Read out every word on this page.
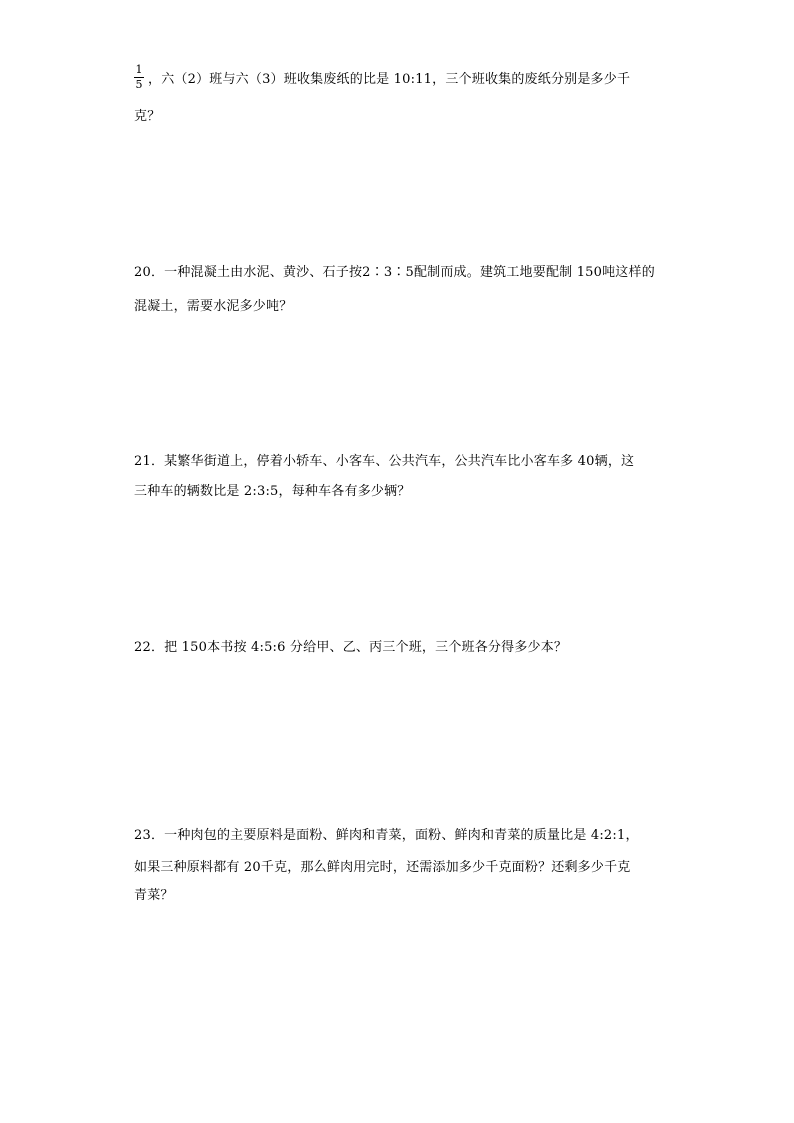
$\frac{1}{5}$ ，六（2）班与六（3）班收集废纸的比是 10:11，三个班收集的废纸分别是多少千
克？
20．一种混凝土由水泥、黄沙、石子按2∶3∶5配制而成。建筑工地要配制 150吨这样的
混凝土，需要水泥多少吨？
21．某繁华街道上，停着小轿车、小客车、公共汽车，公共汽车比小客车多 40辆，这
三种车的辆数比是 2:3:5，每种车各有多少辆？
22．把 150本书按 4:5:6 分给甲、乙、丙三个班，三个班各分得多少本？
23．一种肉包的主要原料是面粉、鲜肉和青菜，面粉、鲜肉和青菜的质量比是 4:2:1，
如果三种原料都有 20千克，那么鲜肉用完时，还需添加多少千克面粉？还剩多少千克
青菜？
